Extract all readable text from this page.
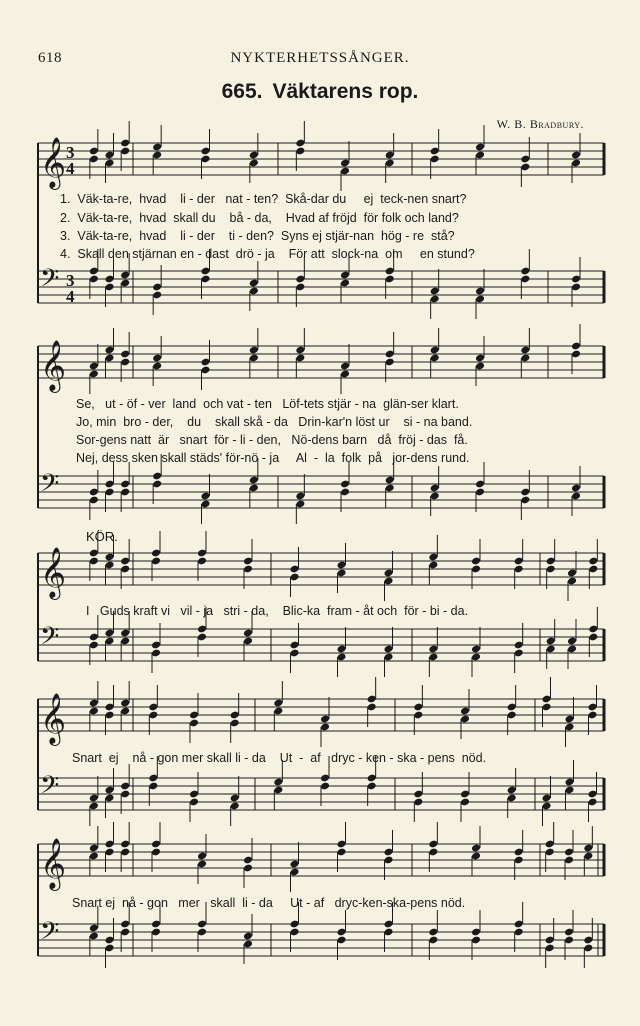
618	NYKTERHETSSÅNGER.
665. Väktarens rop.
W. B. Bradbury.
𝄞
𝄢
𝄞
𝄢
𝄞
𝄢
𝄞
𝄢
𝄞
𝄢
3
4
3
4
1.  Väk-ta-re,  hvad    li - der   nat - ten?  Skå-dar du     ej  teck-nen snart?
2.  Väk-ta-re,  hvad  skall du    bå - da,    Hvad af fröjd  för folk och land?
3.  Väk-ta-re,  hvad    li - der    ti - den?  Syns ej stjär-nan  hög - re  stå?
4.  Skall den stjärnan en - dast  drö - ja    För att  slock-na  om     en stund?
Se,   ut - öf - ver  land  och vat - ten   Löf-tets stjär - na  glän-ser klart.
Jo, min  bro - der,    du    skall skå - da   Drin-kar'n löst ur    si - na band.
Sor-gens natt  är   snart  för - li - den,   Nö-dens barn   då  fröj - das  få.
Nej, dess sken skall städs' för-nö - ja     Al  -  la  folk  på   jor-dens rund.
KÖR.
I   Guds kraft vi   vil - ja   stri - da,    Blic-ka  fram - åt och  för - bi - da.
Snart  ej    nå - gon mer skall li - da    Ut  -  af   dryc - ken - ska - pens  nöd.
Snart ej  nå - gon   mer   skall  li - da     Ut - af   dryc-ken-ska-pens nöd.
